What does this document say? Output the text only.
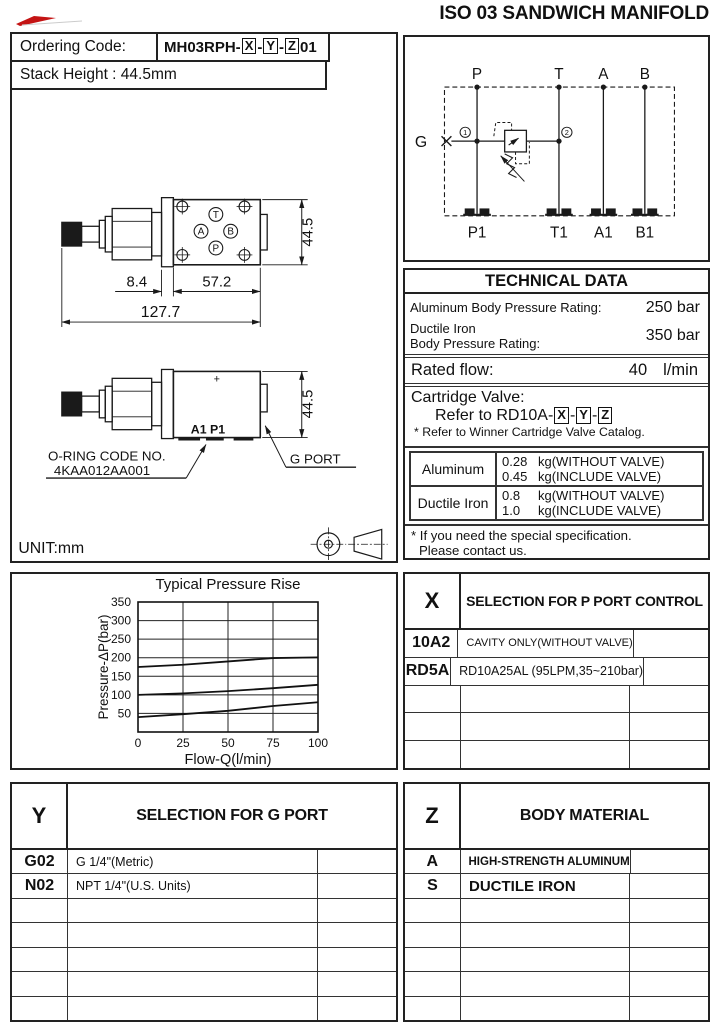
ISO 03 SANDWICH MANIFOLD
Ordering Code:	MH03RPH- X - Y - Z 01
Stack Height : 44.5mm
T
A B
P
8.4	57.2
127.7
44.5
+
A1 P1
44.5
O-RING CODE NO.
4KAA012AA001
G PORT
UNIT:mm
P	T A B
P1	T1 A1 B1
G
1	2
TECHNICAL DATA
Aluminum Body Pressure Rating:	250 bar
Ductile Iron
Body Pressure Rating:	350 bar
Rated flow:	40 l/min
Cartridge Valve:
Refer to RD10A- X - Y - Z
* Refer to Winner Cartridge Valve Catalog.
Aluminum	0.28 kg(WITHOUT VALVE)
0.45 kg(INCLUDE VALVE)
Ductile Iron	0.8	kg(WITHOUT VALVE)
1.0	kg(INCLUDE VALVE)
* If you need the special specification.
Please contact us.
0	25	50	75 100
50
100
150
200
250
300
350
Typical Pressure Rise
Flow-Q(l/min)
Pressure-ΔP(bar)
X	SELECTION FOR P PORT CONTROL
10A2	CAVITY ONLY(WITHOUT VALVE)
RD5A RD10A25AL (95LPM,35~210bar)
Y	SELECTION FOR G PORT
G02	G 1/4"(Metric)
N02	NPT 1/4"(U.S. Units)
Z	BODY MATERIAL
A	HIGH-STRENGTH ALUMINUM
S	DUCTILE IRON
